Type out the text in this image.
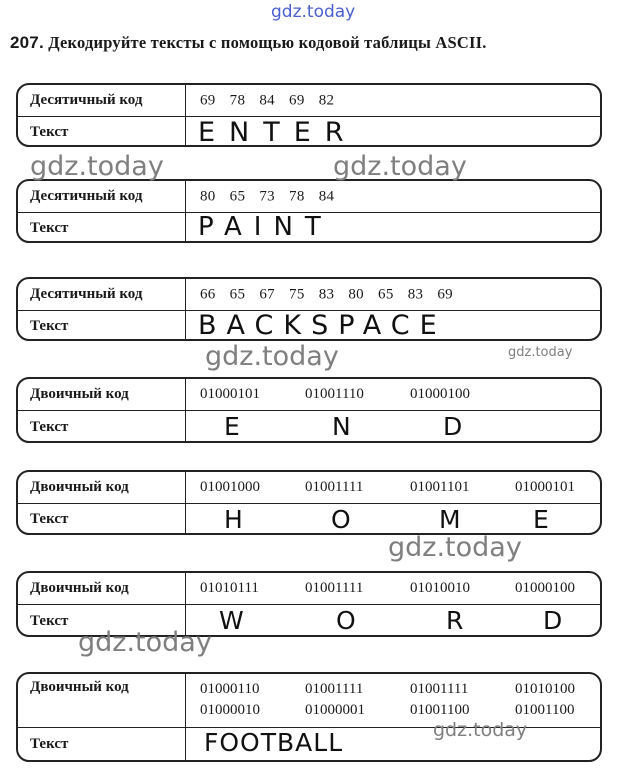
gdz.today
gdz.today	gdz.today
gdz.today	gdz.today
gdz.today
gdz.today
gdz.today
207. Декодируйте тексты с помощью кодовой таблицы ASCII.
Десятичный код	69 78 84 69 82
Текст	ENTER
Десятичный код	80 65 73 78 84
Текст	PAINT
Десятичный код	66 65 67 75 83 80 65 83 69
Текст	BACKSPACE
Двоичный код	01000101	01001110	01000100
Текст	E	N	D
Двоичный код	01001000	01001111	01001101	01000101
Текст	H	O	M	E
Двоичный код	01010111	01001111	01010010	01000100
Текст	W	O	R	D
Двоичный код	01000110	01001111	01001111	01010100
01000010	01000001	01001100	01001100
Текст	FOOTBALL
